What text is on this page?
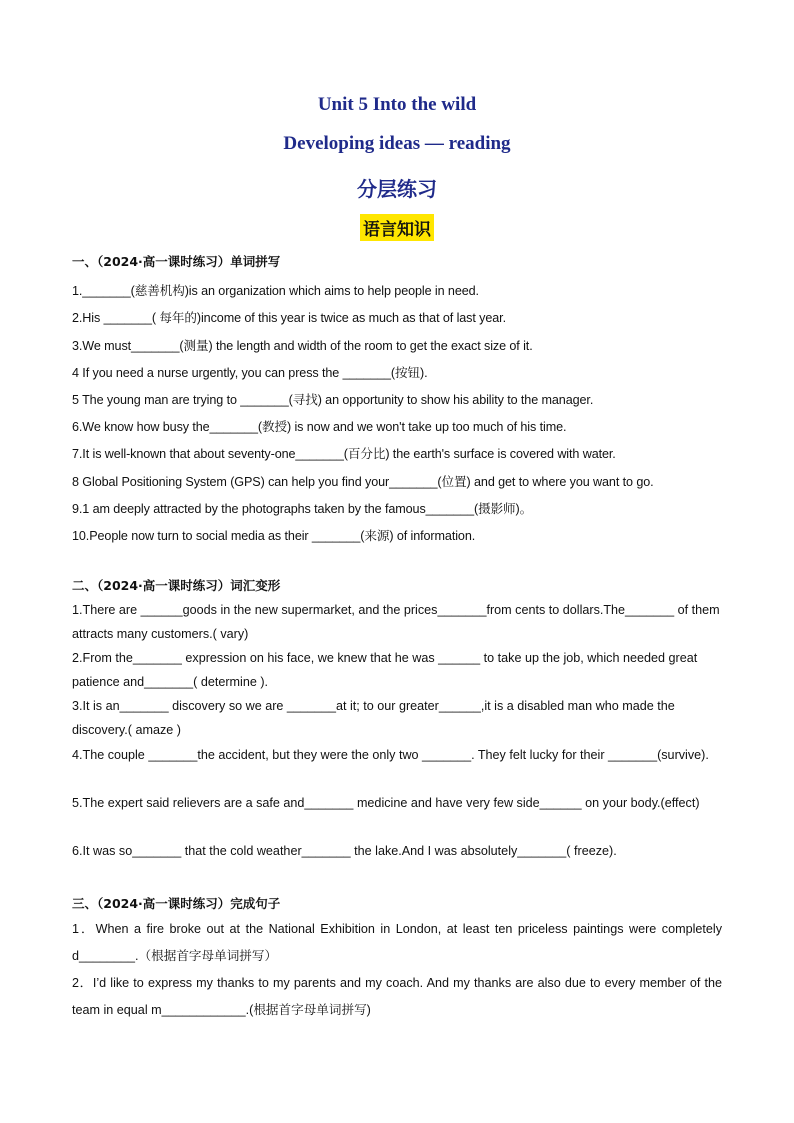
Unit 5 Into the wild
Developing ideas — reading
分层练习
语言知识
一、（2024·高一课时练习）单词拼写
1._______(慈善机构)is an organization which aims to help people in need.
2.His _______( 每年的)income of this year is twice as much as that of last year.
3.We must_______(测量) the length and width of the room to get the exact size of it.
4 If you need a nurse urgently, you can press the _______(按钮).
5 The young man are trying to _______(寻找) an opportunity to show his ability to the manager.
6.We know how busy the_______(教授) is now and we won't take up too much of his time.
7.It is well-known that about seventy-one_______(百分比) the earth's surface is covered with water.
8 Global Positioning System (GPS) can help you find your_______(位置) and get to where you want to go.
9.1 am deeply attracted by the photographs taken by the famous_______(摄影师)。
10.People now turn to social media as their _______(来源) of information.
二、（2024·高一课时练习）词汇变形
1.There are ______goods in the new supermarket, and the prices_______from cents to dollars.The_______ of them attracts many customers.( vary)
2.From the_______ expression on his face, we knew that he was ______ to take up the job, which needed great patience and_______( determine ).
3.It is an_______ discovery so we are _______at it; to our greater______,it is a disabled man who made the discovery.( amaze )
4.The couple _______the accident, but they were the only two _______. They felt lucky for their _______(survive).
5.The expert said relievers are a safe and_______ medicine and have very few side______ on your body.(effect)
6.It was so_______ that the cold weather_______ the lake.And I was absolutely_______( freeze).
三、（2024·高一课时练习）完成句子
1．When a fire broke out at the National Exhibition in London, at least ten priceless paintings were completely d________.（根据首字母单词拼写）
2．I’d like to express my thanks to my parents and my coach. And my thanks are also due to every member of the team in equal m____________.(根据首字母单词拼写)
